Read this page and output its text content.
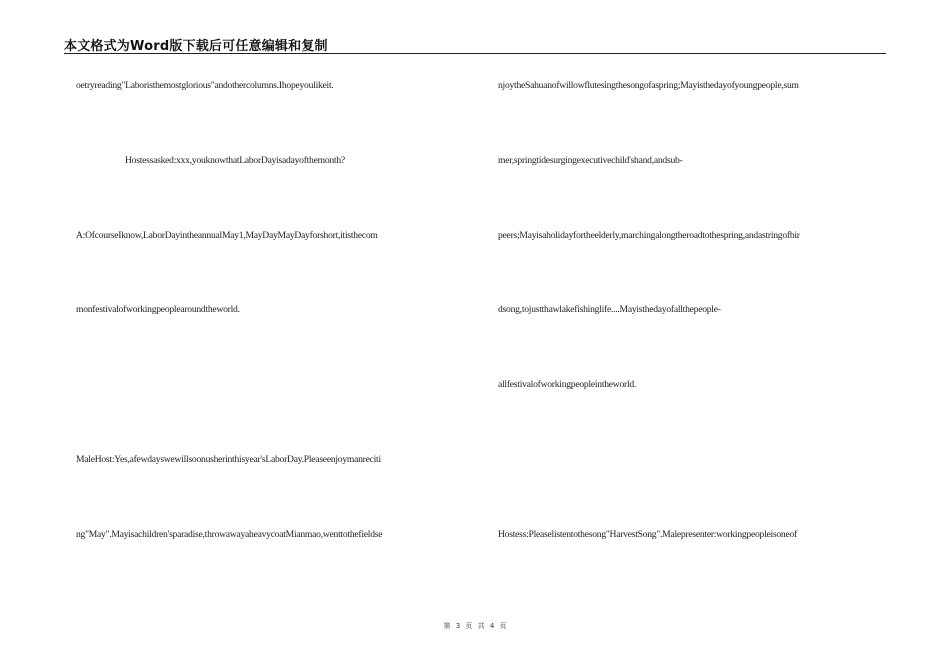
本文格式为Word版下载后可任意编辑和复制
oetryreading"Laboristhemostglorious"andothercolumns.Ihopeyoulikeit.
Hostessasked:xxx,youknowthatLaborDayisadayofthemonth?
A:OfcourseIknow,LaborDayintheannualMay1,MayDayMayDayforshort,itisthecom
monfestivalofworkingpeoplearoundtheworld.
MaleHost:Yes,afewdayswewillsoonusherinthisyear'sLaborDay.Pleaseenjoymanreciti
ng"May".Mayisachildren'sparadise,throwawayaheavycoatMianmao,wenttothefieldse
njoytheSahuanofwillowflutesingthesongofaspring;Mayisthedayofyoungpeople,sum
mer,springtidesurgingexecutivechild'shand,andsub-
peers;Mayisaholidayfortheelderly,marchingalongtheroadtothespring,andastringofbir
dsong,tojustthawlakefishinglife....Mayisthedayofallthepeople-
allfestivalofworkingpeopleintheworld.
Hostess:Pleaselistentothesong"HarvestSong".Malepresenter:workingpeopleisoneof
第 3 页 共 4 页
